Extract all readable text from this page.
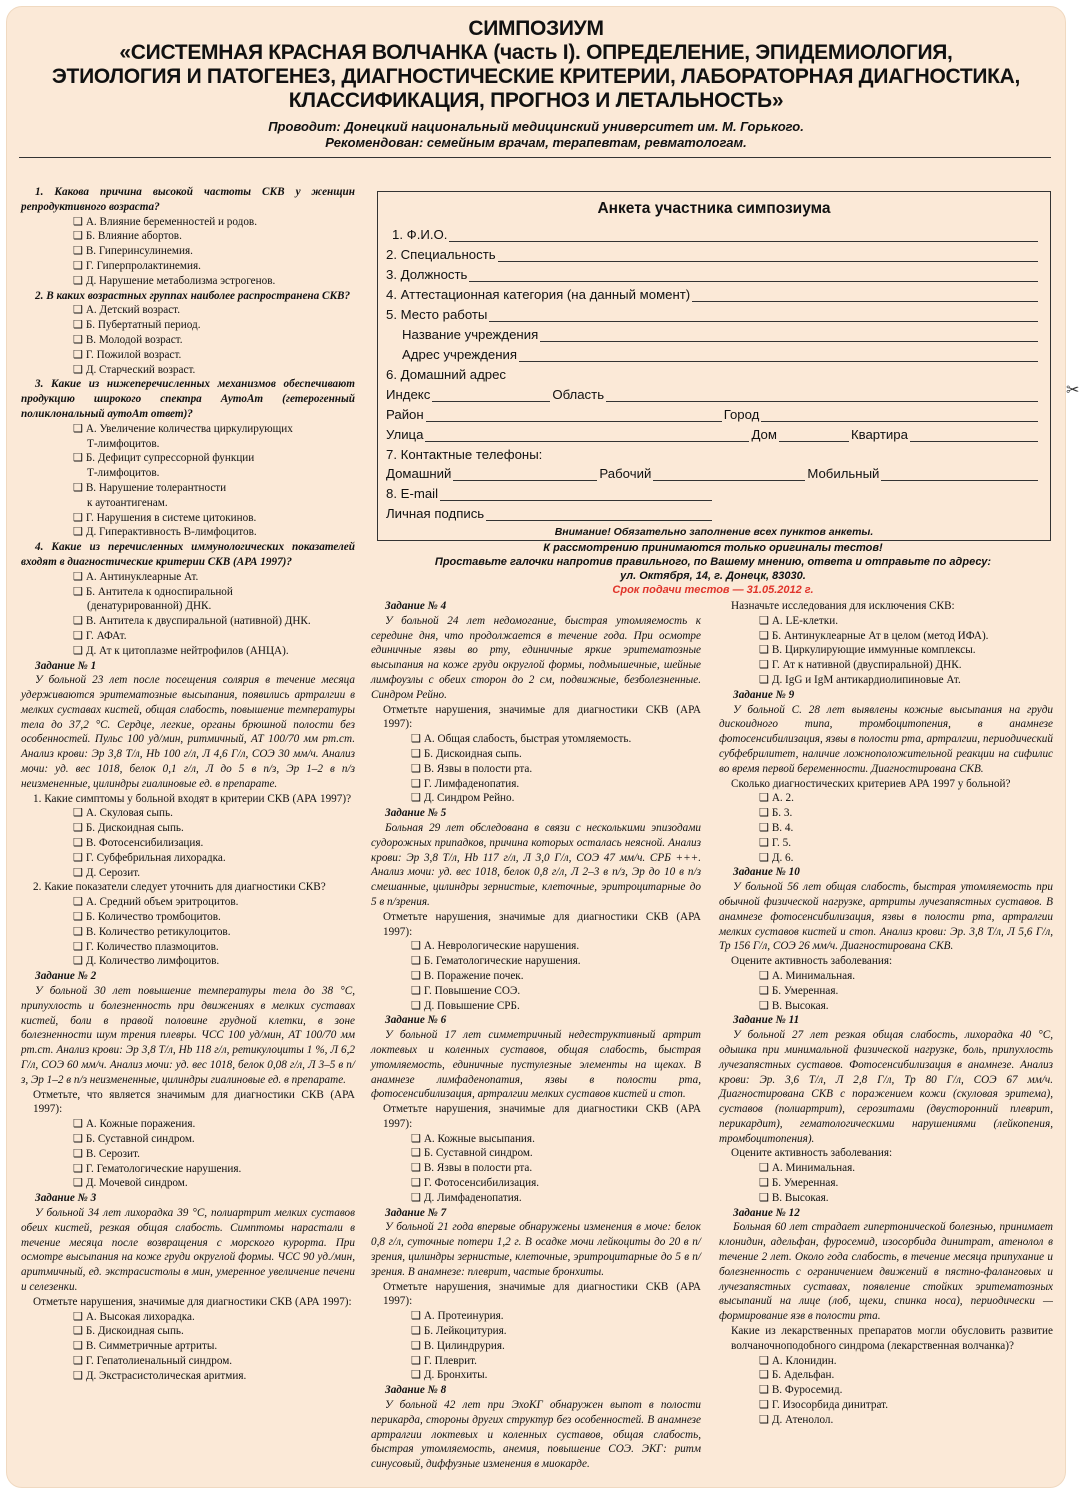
СИМПОЗИУМ
«СИСТЕМНАЯ КРАСНАЯ ВОЛЧАНКА (часть I). ОПРЕДЕЛЕНИЕ, ЭПИДЕМИОЛОГИЯ,
ЭТИОЛОГИЯ И ПАТОГЕНЕЗ, ДИАГНОСТИЧЕСКИЕ КРИТЕРИИ, ЛАБОРАТОРНАЯ ДИАГНОСТИКА,
КЛАССИФИКАЦИЯ, ПРОГНОЗ И ЛЕТАЛЬНОСТЬ»
Проводит: Донецкий национальный медицинский университет им. М. Горького.
Рекомендован: семейным врачам, терапевтам, ревматологам.

1. Какова причина высокой частоты СКВ у женщин репродуктивного возраста?

❑ А. Влияние беременностей и родов.

❑ Б. Влияние абортов.

❑ В. Гиперинсулинемия.

❑ Г. Гиперпролактинемия.

❑ Д. Нарушение метаболизма эстрогенов.

2. В каких возрастных группах наиболее распространена СКВ?

❑ А. Детский возраст.

❑ Б. Пубертатный период.

❑ В. Молодой возраст.

❑ Г. Пожилой возраст.

❑ Д. Старческий возраст.

3. Какие из нижеперечисленных механизмов обеспечивают продукцию широкого спектра АутоАт (гетерогенный поликлональный аутоАт ответ)?

❑ А. Увеличение количества циркулирующих

Т-лимфоцитов.

❑ Б. Дефицит супрессорной функции

Т-лимфоцитов.

❑ В. Нарушение толерантности

к аутоантигенам.

❑ Г. Нарушения в системе цитокинов.

❑ Д. Гиперактивность В-лимфоцитов.

4. Какие из перечисленных иммунологических показателей входят в диагностические критерии СКВ (АРА 1997)?

❑ А. Антинуклеарные Ат.

❑ Б. Антитела к односпиральной

(денатурированной) ДНК.

❑ В. Антитела к двуспиральной (нативной) ДНК.

❑ Г. АФАт.

❑ Д. Ат к цитоплазме нейтрофилов (АНЦА).

Задание № 1

У больной 23 лет после посещения солярия в течение месяца удерживаются эритематозные высыпания, появились артралгии в мелких суставах кистей, общая слабость, повышение температуры тела до 37,2 °С. Сердце, легкие, органы брюшной полости без особенностей. Пульс 100 уд/мин, ритмичный, АТ 100/70 мм рт.ст. Анализ крови: Эр 3,8 Т/л, Hb 100 г/л, Л 4,6 Г/л, СОЭ 30 мм/ч. Анализ мочи: уд. вес 1018, белок 0,1 г/л, Л до 5 в п/з, Эр 1–2 в п/з неизмененные, цилиндры гиалиновые ед. в препарате.

1. Какие симптомы у больной входят в критерии СКВ (АРА 1997)?

❑ А. Скуловая сыпь.

❑ Б. Дискоидная сыпь.

❑ В. Фотосенсибилизация.

❑ Г. Субфебрильная лихорадка.

❑ Д. Серозит.

2. Какие показатели следует уточнить для диагностики СКВ?

❑ А. Средний объем эритроцитов.

❑ Б. Количество тромбоцитов.

❑ В. Количество ретикулоцитов.

❑ Г. Количество плазмоцитов.

❑ Д. Количество лимфоцитов.

Задание № 2

У больной 30 лет повышение температуры тела до 38 °С, припухлость и болезненность при движениях в мелких суставах кистей, боли в правой половине грудной клетки, в зоне болезненности шум трения плевры. ЧСС 100 уд/мин, АТ 100/70 мм рт.ст. Анализ крови: Эр 3,8 Т/л, Hb 118 г/л, ретикулоциты 1 %, Л 6,2 Г/л, СОЭ 60 мм/ч. Анализ мочи: уд. вес 1018, белок 0,08 г/л, Л 3–5 в п/з, Эр 1–2 в п/з неизмененные, цилиндры гиалиновые ед. в препарате.

Отметьте, что является значимым для диагностики СКВ (АРА 1997):

❑ А. Кожные поражения.

❑ Б. Суставной синдром.

❑ В. Серозит.

❑ Г. Гематологические нарушения.

❑ Д. Мочевой синдром.

Задание № 3

У больной 34 лет лихорадка 39 °С, полиартрит мелких суставов обеих кистей, резкая общая слабость. Симптомы нарастали в течение месяца после возвращения с морского курорта. При осмотре высыпания на коже груди округлой формы. ЧСС 90 уд./мин, аритмичный, ед. экстрасистолы в мин, умеренное увеличение печени и селезенки.

Отметьте нарушения, значимые для диагностики СКВ (АРА 1997):

❑ А. Высокая лихорадка.

❑ Б. Дискоидная сыпь.

❑ В. Симметричные артриты.

❑ Г. Гепатолиенальный синдром.

❑ Д. Экстрасистолическая аритмия.

Анкета участника симпозиума
1. Ф.И.О.
2. Специальность
3. Должность
4. Аттестационная категория (на данный момент)
5. Место работы
Название учреждения
Адрес учреждения
6. Домашний адрес
Индекс	Область
Район	Город
Улица	Дом	Квартира
7. Контактные телефоны:
Домашний	Рабочий	Мобильный
8. E-mail
Личная подпись
Внимание! Обязательно заполнение всех пунктов анкеты.
К рассмотрению принимаются только оригиналы тестов!
Проставьте галочки напротив правильного, по Вашему мнению, ответа и отправьте по адресу:
ул. Октября, 14, г. Донецк, 83030.
Срок подачи тестов — 31.05.2012 г.

Задание № 4

У больной 24 лет недомогание, быстрая утомляемость к середине дня, что продолжается в течение года. При осмотре единичные язвы во рту, единичные яркие эритематозные высыпания на коже груди округлой формы, подмышечные, шейные лимфоузлы с обеих сторон до 2 см, подвижные, безболезненные. Синдром Рейно.

Отметьте нарушения, значимые для диагностики СКВ (АРА 1997):

❑ А. Общая слабость, быстрая утомляемость.

❑ Б. Дискоидная сыпь.

❑ В. Язвы в полости рта.

❑ Г. Лимфаденопатия.

❑ Д. Синдром Рейно.

Задание № 5

Больная 29 лет обследована в связи с несколькими эпизодами судорожных припадков, причина которых осталась неясной. Анализ крови: Эр 3,8 Т/л, Hb 117 г/л, Л 3,0 Г/л, СОЭ 47 мм/ч. СРБ +++. Анализ мочи: уд. вес 1018, белок 0,8 г/л, Л 2–3 в п/з, Эр до 10 в п/з смешанные, цилиндры зернистые, клеточные, эритроцитарные до 5 в п/зрения.

Отметьте нарушения, значимые для диагностики СКВ (АРА 1997):

❑ А. Неврологические нарушения.

❑ Б. Гематологические нарушения.

❑ В. Поражение почек.

❑ Г. Повышение СОЭ.

❑ Д. Повышение СРБ.

Задание № 6

У больной 17 лет симметричный недеструктивный артрит локтевых и коленных суставов, общая слабость, быстрая утомляемость, единичные пустулезные элементы на щеках. В анамнезе лимфаденопатия, язвы в полости рта, фотосенсибилизация, артралгии мелких суставов кистей и стоп.

Отметьте нарушения, значимые для диагностики СКВ (АРА 1997):

❑ А. Кожные высыпания.

❑ Б. Суставной синдром.

❑ В. Язвы в полости рта.

❑ Г. Фотосенсибилизация.

❑ Д. Лимфаденопатия.

Задание № 7

У больной 21 года впервые обнаружены изменения в моче: белок 0,8 г/л, суточные потери 1,2 г. В осадке мочи лейкоциты до 20 в п/зрения, цилиндры зернистые, клеточные, эритроцитарные до 5 в п/зрения. В анамнезе: плеврит, частые бронхиты.

Отметьте нарушения, значимые для диагностики СКВ (АРА 1997):

❑ А. Протеинурия.

❑ Б. Лейкоцитурия.

❑ В. Цилиндрурия.

❑ Г. Плеврит.

❑ Д. Бронхиты.

Задание № 8

У больной 42 лет при ЭхоКГ обнаружен выпот в полости перикарда, стороны других структур без особенностей. В анамнезе артралгии локтевых и коленных суставов, общая слабость, быстрая утомляемость, анемия, повышение СОЭ. ЭКГ: ритм синусовый, диффузные изменения в миокарде.

Назначьте исследования для исключения СКВ:

❑ А. LE-клетки.

❑ Б. Антинуклеарные Ат в целом (метод ИФА).

❑ В. Циркулирующие иммунные комплексы.

❑ Г. Ат к нативной (двуспиральной) ДНК.

❑ Д. IgG и IgM антикардиолипиновые Ат.

Задание № 9

У больной С. 28 лет выявлены кожные высыпания на груди дискоидного типа, тромбоцитопения, в анамнезе фотосенсибилизация, язвы в полости рта, артралгии, периодический субфебрилитет, наличие ложноположительной реакции на сифилис во время первой беременности. Диагностирована СКВ.

Сколько диагностических критериев АРА 1997 у больной?

❑ А. 2.

❑ Б. 3.

❑ В. 4.

❑ Г. 5.

❑ Д. 6.

Задание № 10

У больной 56 лет общая слабость, быстрая утомляемость при обычной физической нагрузке, артриты лучезапястных суставов. В анамнезе фотосенсибилизация, язвы в полости рта, артралгии мелких суставов кистей и стоп. Анализ крови: Эр. 3,8 Т/л, Л 5,6 Г/л, Тр 156 Г/л, СОЭ 26 мм/ч. Диагностирована СКВ.

Оцените активность заболевания:

❑ А. Минимальная.

❑ Б. Умеренная.

❑ В. Высокая.

Задание № 11

У больной 27 лет резкая общая слабость, лихорадка 40 °С, одышка при минимальной физической нагрузке, боль, припухлость лучезапястных суставов. Фотосенсибилизация в анамнезе. Анализ крови: Эр. 3,6 Т/л, Л 2,8 Г/л, Тр 80 Г/л, СОЭ 67 мм/ч. Диагностирована СКВ с поражением кожи (скуловая эритема), суставов (полиартрит), серозитами (двусторонний плеврит, перикардит), гематологическими нарушениями (лейкопения, тромбоцитопения).

Оцените активность заболевания:

❑ А. Минимальная.

❑ Б. Умеренная.

❑ В. Высокая.

Задание № 12

Больная 60 лет страдает гипертонической болезнью, принимает клонидин, адельфан, фуросемид, изосорбида динитрат, атенолол в течение 2 лет. Около года слабость, в течение месяца припухание и болезненность с ограничением движений в пястно-фаланговых и лучезапястных суставах, появление стойких эритематозных высыпаний на лице (лоб, щеки, спинка носа), периодически — формирование язв в полости рта.

Какие из лекарственных препаратов могли обусловить развитие волчаночноподобного синдрома (лекарственная волчанка)?

❑ А. Клонидин.

❑ Б. Адельфан.

❑ В. Фуросемид.

❑ Г. Изосорбида динитрат.

❑ Д. Атенолол.

✂
